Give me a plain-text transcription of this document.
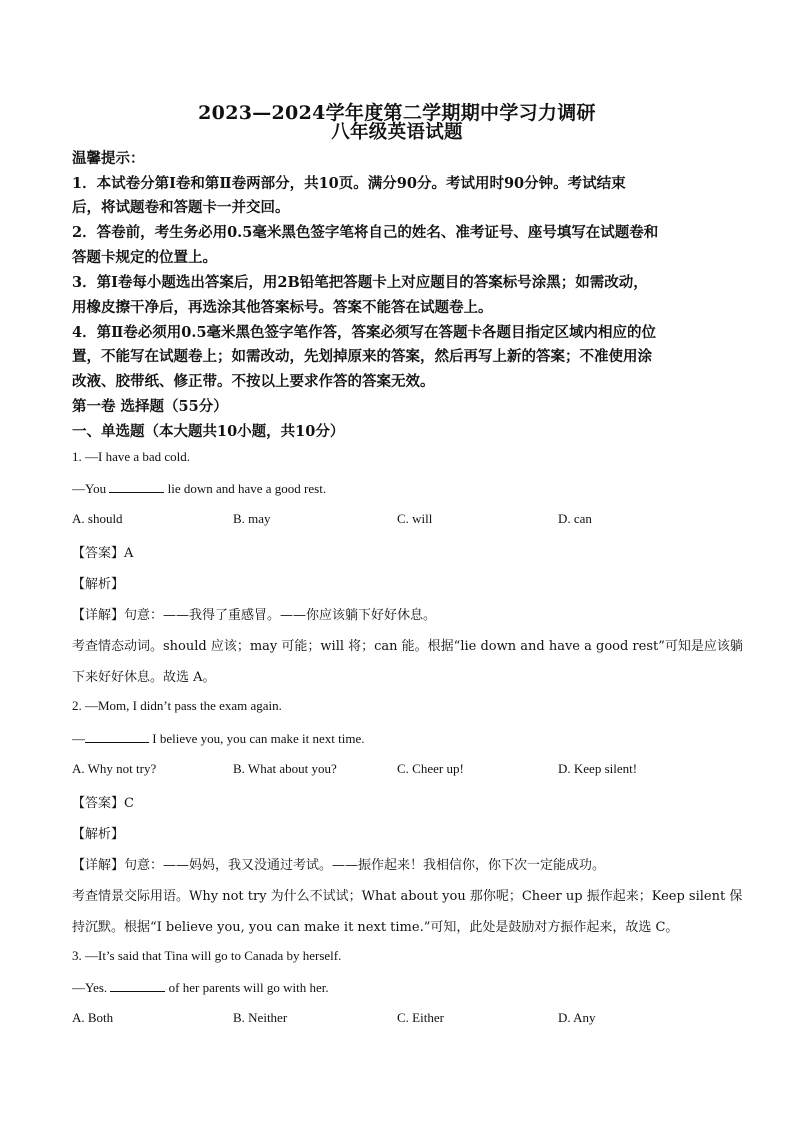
2023—2024学年度第二学期期中学习力调研
八年级英语试题
温馨提示：
1．本试卷分第Ⅰ卷和第Ⅱ卷两部分，共10页。满分90分。考试用时90分钟。考试结束
后，将试题卷和答题卡一并交回。
2．答卷前，考生务必用0.5毫米黑色签字笔将自己的姓名、准考证号、座号填写在试题卷和
答题卡规定的位置上。
3．第Ⅰ卷每小题选出答案后，用2B铅笔把答题卡上对应题目的答案标号涂黑；如需改动，
用橡皮擦干净后，再选涂其他答案标号。答案不能答在试题卷上。
4．第Ⅱ卷必须用0.5毫米黑色签字笔作答，答案必须写在答题卡各题目指定区域内相应的位
置，不能写在试题卷上；如需改动，先划掉原来的答案，然后再写上新的答案；不准使用涂
改液、胶带纸、修正带。不按以上要求作答的答案无效。
第一卷 选择题（55分）
一、单选题（本大题共10小题，共10分）
1. —I have a bad cold.
—You	lie down and have a good rest.
A. should	B. may	C. will	D. can
【答案】A
【解析】
【详解】句意：——我得了重感冒。——你应该躺下好好休息。
考查情态动词。should 应该；may 可能；will 将；can 能。根据“lie down and have a good rest”可知是应该躺
下来好好休息。故选 A。
2. —Mom, I didn’t pass the exam again.
—	I believe you, you can make it next time.
A. Why not try?	B. What about you?	C. Cheer up!	D. Keep silent!
【答案】C
【解析】
【详解】句意：——妈妈，我又没通过考试。——振作起来！我相信你，你下次一定能成功。
考查情景交际用语。Why not try 为什么不试试；What about you 那你呢；Cheer up 振作起来；Keep silent 保
持沉默。根据“I believe you, you can make it next time.”可知，此处是鼓励对方振作起来，故选 C。
3. —It’s said that Tina will go to Canada by herself.
—Yes.	of her parents will go with her.
A. Both	B. Neither	C. Either	D. Any
